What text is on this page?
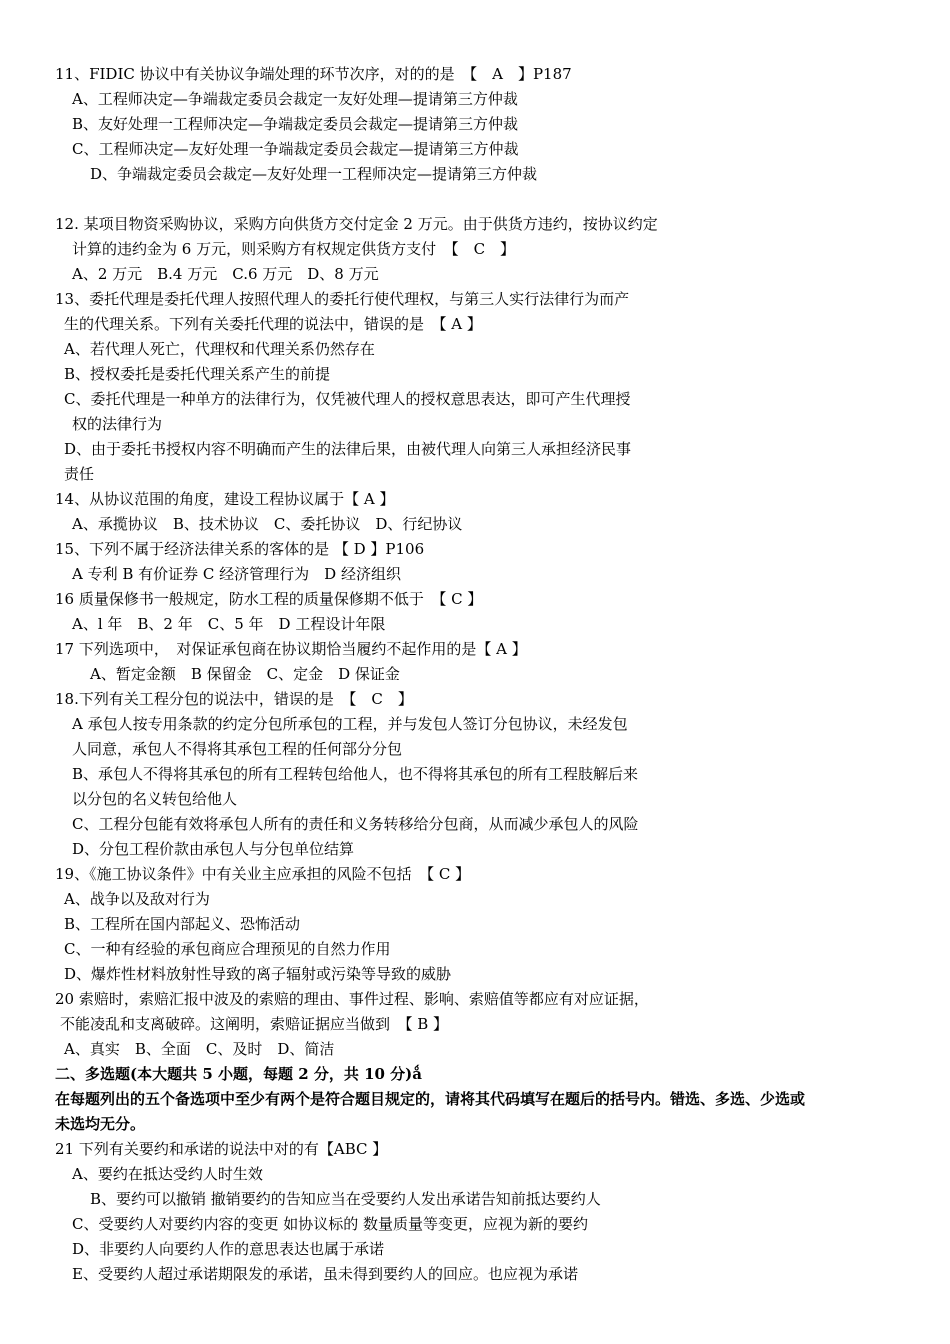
11、FIDIC 协议中有关协议争端处理的环节次序，对的的是　【　A　】P187
A、工程师决定—争端裁定委员会裁定一友好处理—提请第三方仲裁
B、友好处理一工程师决定—争端裁定委员会裁定—提请第三方仲裁
C、工程师决定—友好处理一争端裁定委员会裁定—提请第三方仲裁
D、争端裁定委员会裁定—友好处理一工程师决定—提请第三方仲裁
12. 某项目物资采购协议，采购方向供货方交付定金 2 万元。由于供货方违约，按协议约定
计算的违约金为 6 万元，则采购方有权规定供货方支付　【　C　】
A、2 万元　B.4 万元　C.6 万元　D、8 万元
13、委托代理是委托代理人按照代理人的委托行使代理权，与第三人实行法律行为而产
生的代理关系。下列有关委托代理的说法中，错误的是　【 A 】
A、若代理人死亡，代理权和代理关系仍然存在
B、授权委托是委托代理关系产生的前提
C、委托代理是一种单方的法律行为，仅凭被代理人的授权意思表达，即可产生代理授
权的法律行为
D、由于委托书授权内容不明确而产生的法律后果，由被代理人向第三人承担经济民事
责任
14、从协议范围的角度，建设工程协议属于【 A 】
A、承揽协议　B、技术协议　C、委托协议　D、行纪协议
15、下列不属于经济法律关系的客体的是 【 D 】P106
A 专利 B 有价证券 C 经济管理行为　D 经济组织
16 质量保修书一般规定，防水工程的质量保修期不低于　【 C 】
A、l 年　B、2 年　C、5 年　D 工程设计年限
17 下列选项中，　对保证承包商在协议期恰当履约不起作用的是【 A 】
A、暂定金额　B 保留金　C、定金　D 保证金
18.下列有关工程分包的说法中，错误的是　【　C　】
A 承包人按专用条款的约定分包所承包的工程，并与发包人签订分包协议，未经发包
人同意，承包人不得将其承包工程的任何部分分包
B、承包人不得将其承包的所有工程转包给他人，也不得将其承包的所有工程肢解后来
以分包的名义转包给他人
C、工程分包能有效将承包人所有的责任和义务转移给分包商，从而减少承包人的风险
D、分包工程价款由承包人与分包单位结算
19、《施工协议条件》中有关业主应承担的风险不包括　【 C 】
A、战争以及敌对行为
B、工程所在国内部起义、恐怖活动
C、一种有经验的承包商应合理预见的自然力作用
D、爆炸性材料放射性导致的离子辐射或污染等导致的威胁
20 索赔时，索赔汇报中波及的索赔的理由、事件过程、影响、索赔值等都应有对应证据，
不能凌乱和支离破碎。这阐明，索赔证据应当做到　【 B 】
A、真实　B、全面　C、及时　D、简洁
二、多选题(本大题共 5 小题，每题 2 分，共 10 分)ǻ
在每题列出的五个备选项中至少有两个是符合题目规定的，请将其代码填写在题后的括号内。错选、多选、少选或
未选均无分。
21 下列有关要约和承诺的说法中对的有【ABC 】
A、要约在抵达受约人时生效
B、要约可以撤销 撤销要约的告知应当在受要约人发出承诺告知前抵达要约人
C、受要约人对要约内容的变更 如协议标的 数量质量等变更，应视为新的要约
D、非要约人向要约人作的意思表达也属于承诺
E、受要约人超过承诺期限发的承诺，虽未得到要约人的回应。也应视为承诺
